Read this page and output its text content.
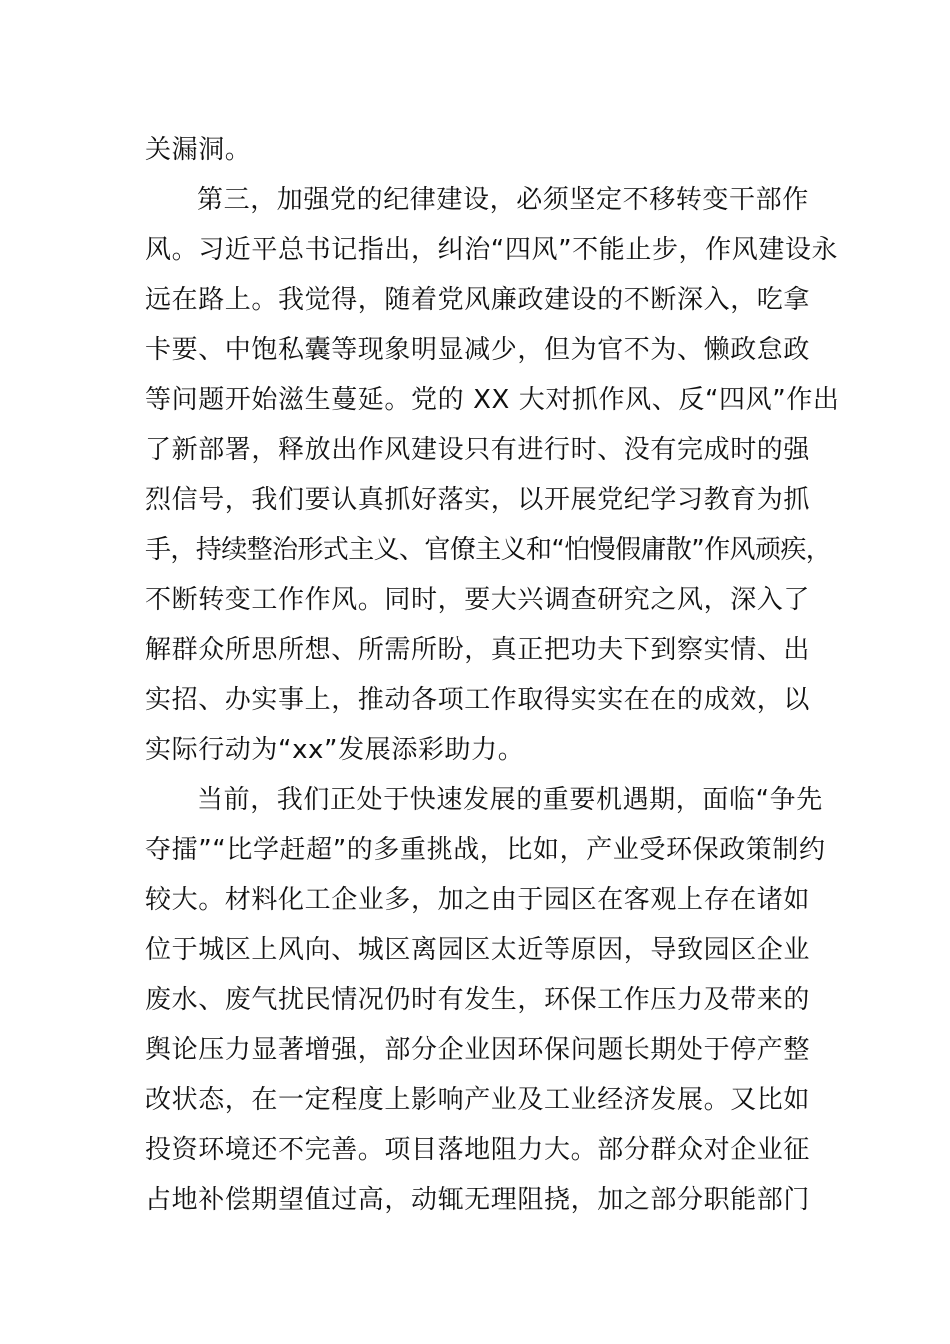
关漏洞。
第三，加强党的纪律建设，必须坚定不移转变干部作
风。习近平总书记指出，纠治“四风”不能止步，作风建设永
远在路上。我觉得，随着党风廉政建设的不断深入，吃拿
卡要、中饱私囊等现象明显减少，但为官不为、懒政怠政
等问题开始滋生蔓延。党的 XX 大对抓作风、反“四风”作出
了新部署，释放出作风建设只有进行时、没有完成时的强
烈信号，我们要认真抓好落实，以开展党纪学习教育为抓
手，持续整治形式主义、官僚主义和“怕慢假庸散”作风顽疾，
不断转变工作作风。同时，要大兴调查研究之风，深入了
解群众所思所想、所需所盼，真正把功夫下到察实情、出
实招、办实事上，推动各项工作取得实实在在的成效，以
实际行动为“xx”发展添彩助力。
当前，我们正处于快速发展的重要机遇期，面临“争先
夺擂”“比学赶超”的多重挑战，比如，产业受环保政策制约
较大。材料化工企业多，加之由于园区在客观上存在诸如
位于城区上风向、城区离园区太近等原因，导致园区企业
废水、废气扰民情况仍时有发生，环保工作压力及带来的
舆论压力显著增强，部分企业因环保问题长期处于停产整
改状态，在一定程度上影响产业及工业经济发展。又比如
投资环境还不完善。项目落地阻力大。部分群众对企业征
占地补偿期望值过高，动辄无理阻挠，加之部分职能部门
